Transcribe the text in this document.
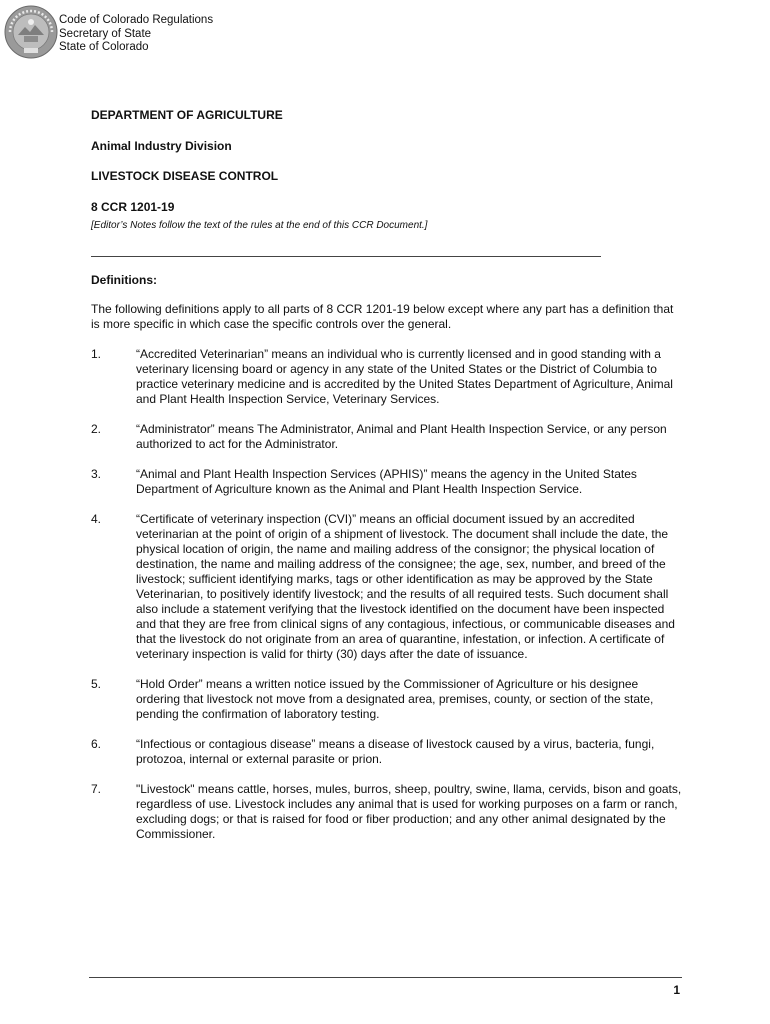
Code of Colorado Regulations
Secretary of State
State of Colorado
DEPARTMENT OF AGRICULTURE
Animal Industry Division
LIVESTOCK DISEASE CONTROL
8 CCR 1201-19
[Editor’s Notes follow the text of the rules at the end of this CCR Document.]
Definitions:
The following definitions apply to all parts of 8 CCR 1201-19 below except where any part has a definition that is more specific in which case the specific controls over the general.
1.	“Accredited Veterinarian” means an individual who is currently licensed and in good standing with a veterinary licensing board or agency in any state of the United States or the District of Columbia to practice veterinary medicine and is accredited by the United States Department of Agriculture, Animal and Plant Health Inspection Service, Veterinary Services.
2.	“Administrator” means The Administrator, Animal and Plant Health Inspection Service, or any person authorized to act for the Administrator.
3.	“Animal and Plant Health Inspection Services (APHIS)” means the agency in the United States Department of Agriculture known as the Animal and Plant Health Inspection Service.
4.	“Certificate of veterinary inspection (CVI)” means an official document issued by an accredited veterinarian at the point of origin of a shipment of livestock. The document shall include the date, the physical location of origin, the name and mailing address of the consignor; the physical location of destination, the name and mailing address of the consignee; the age, sex, number, and breed of the livestock; sufficient identifying marks, tags or other identification as may be approved by the State Veterinarian, to positively identify livestock; and the results of all required tests. Such document shall also include a statement verifying that the livestock identified on the document have been inspected and that they are free from clinical signs of any contagious, infectious, or communicable diseases and that the livestock do not originate from an area of quarantine, infestation, or infection. A certificate of veterinary inspection is valid for thirty (30) days after the date of issuance.
5.	“Hold Order” means a written notice issued by the Commissioner of Agriculture or his designee ordering that livestock not move from a designated area, premises, county, or section of the state, pending the confirmation of laboratory testing.
6.	“Infectious or contagious disease” means a disease of livestock caused by a virus, bacteria, fungi, protozoa, internal or external parasite or prion.
7.	"Livestock" means cattle, horses, mules, burros, sheep, poultry, swine, llama, cervids, bison and goats, regardless of use. Livestock includes any animal that is used for working purposes on a farm or ranch, excluding dogs; or that is raised for food or fiber production; and any other animal designated by the Commissioner.
1
